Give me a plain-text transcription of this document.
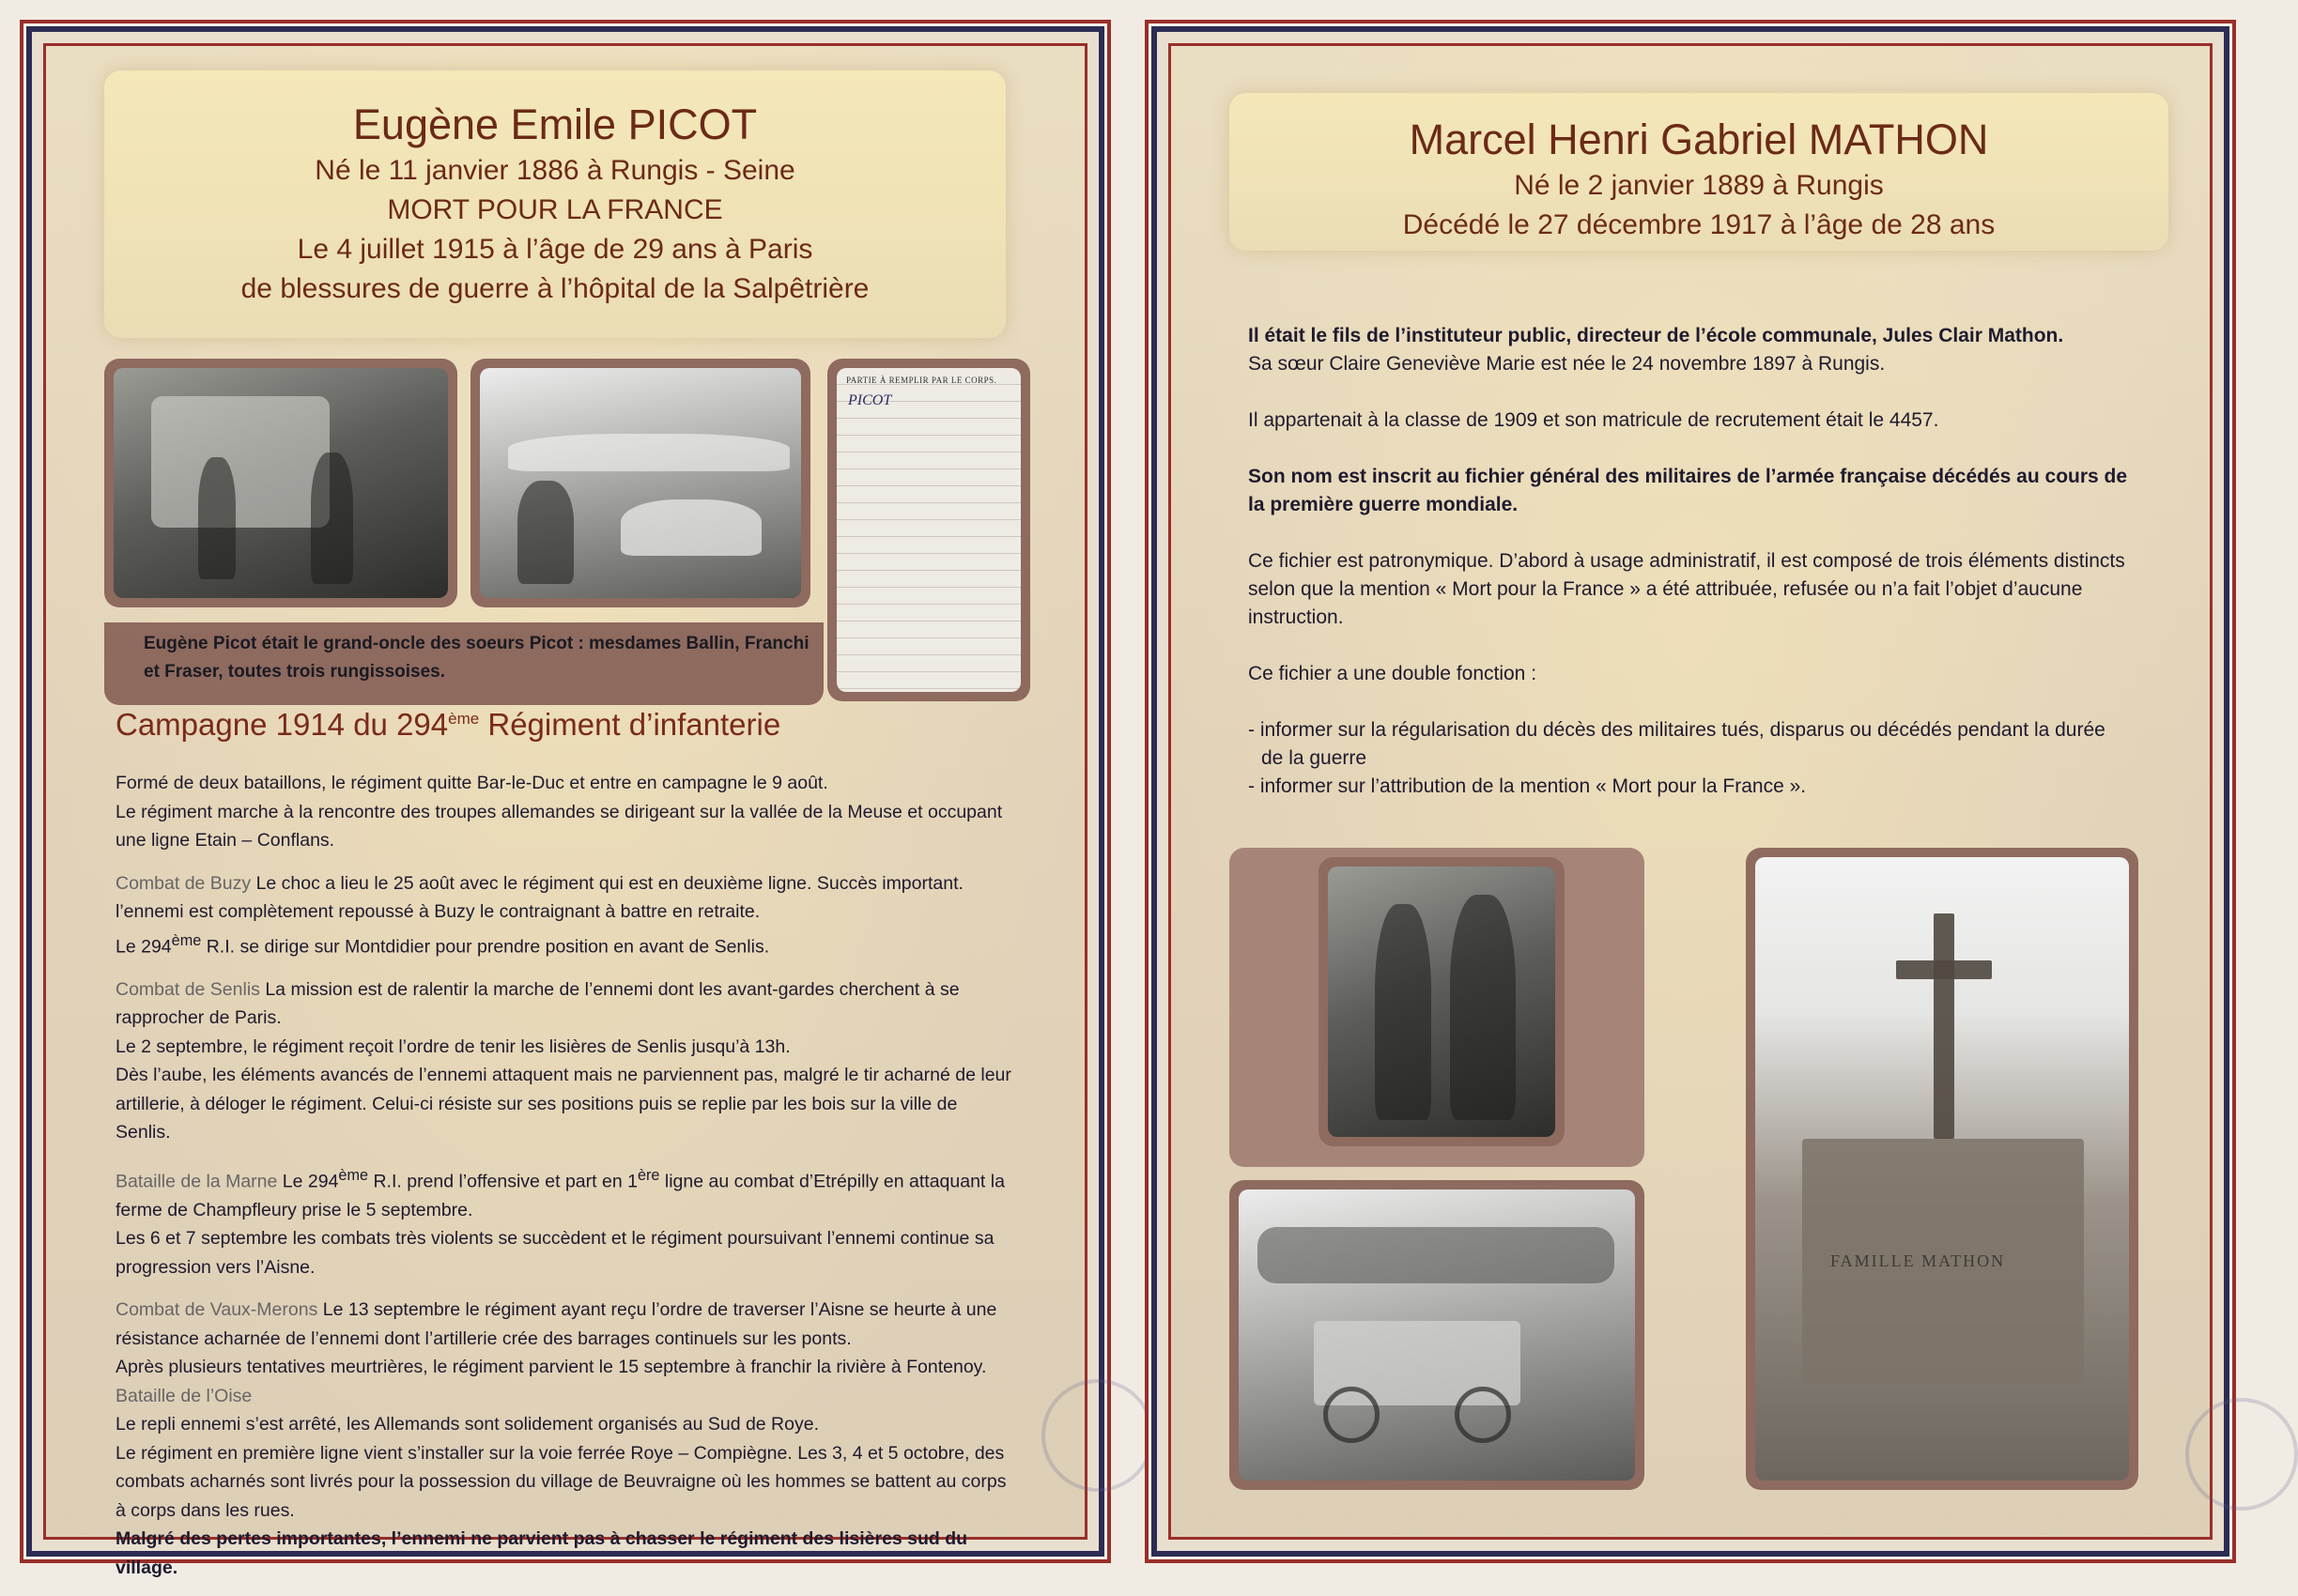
Eugène Emile PICOT
Né le 11 janvier 1886 à Rungis - Seine
MORT POUR LA FRANCE
Le 4 juillet 1915 à l’âge de 29 ans à Paris
de blessures de guerre à l’hôpital de la Salpêtrière
PARTIE À REMPLIR PAR LE CORPS.
PICOT
Eugène Picot était le grand-oncle des soeurs Picot : mesdames Ballin, Franchi et Fraser, toutes trois rungissoises.
Campagne 1914 du 294ème Régiment d’infanterie

Formé de deux bataillons, le régiment quitte Bar-le-Duc et entre en campagne le 9 août.
Le régiment marche à la rencontre des troupes allemandes se dirigeant sur la vallée de la Meuse et occupant une ligne Etain – Conflans.

Combat de Buzy Le choc a lieu le 25 août avec le régiment qui est en deuxième ligne. Succès important. l’ennemi est complètement repoussé à Buzy le contraignant à battre en retraite.
Le 294ème R.I. se dirige sur Montdidier pour prendre position en avant de Senlis.

Combat de Senlis La mission est de ralentir la marche de l’ennemi dont les avant-gardes cherchent à se rapprocher de Paris.
Le 2 septembre, le régiment reçoit l’ordre de tenir les lisières de Senlis jusqu’à 13h.
Dès l’aube, les éléments avancés de l’ennemi attaquent mais ne parviennent pas, malgré le tir acharné de leur artillerie, à déloger le régiment. Celui-ci résiste sur ses positions puis se replie par les bois sur la ville de Senlis.

Bataille de la Marne Le 294ème R.I. prend l’offensive et part en 1ère ligne au combat d’Etrépilly en attaquant la ferme de Champfleury prise le 5 septembre.
Les 6 et 7 septembre les combats très violents se succèdent et le régiment poursuivant l’ennemi continue sa progression vers l’Aisne.

Combat de Vaux-Merons Le 13 septembre le régiment ayant reçu l’ordre de traverser l’Aisne se heurte à une résistance acharnée de l’ennemi dont l’artillerie crée des barrages continuels sur les ponts.
Après plusieurs tentatives meurtrières, le régiment parvient le 15 septembre à franchir la rivière à Fontenoy.

Bataille de l’Oise
Le repli ennemi s’est arrêté, les Allemands sont solidement organisés au Sud de Roye.
Le régiment en première ligne vient s’installer sur la voie ferrée Roye – Compiègne. Les 3, 4 et 5 octobre, des combats acharnés sont livrés pour la possession du village de Beuvraigne où les hommes se battent au corps à corps dans les rues.
Malgré des pertes importantes, l’ennemi ne parvient pas à chasser le régiment des lisières sud du village.

Marcel Henri Gabriel MATHON
Né le 2 janvier 1889 à Rungis
Décédé le 27 décembre 1917 à l’âge de 28 ans

Il était le fils de l’instituteur public, directeur de l’école communale, Jules Clair Mathon.
Sa sœur Claire Geneviève Marie est née le 24 novembre 1897 à Rungis.

Il appartenait à la classe de 1909 et son matricule de recrutement était le 4457.

Son nom est inscrit au fichier général des militaires de l’armée française décédés au cours de la première guerre mondiale.

Ce fichier est patronymique. D’abord à usage administratif, il est composé de trois éléments distincts selon que la mention « Mort pour la France » a été attribuée, refusée ou n’a fait l’objet d’aucune instruction.

Ce fichier a une double fonction :

- informer sur la régularisation du décès des militaires tués, disparus ou décédés pendant la durée
de la guerre
- informer sur l’attribution de la mention « Mort pour la France ».

FAMILLE MATHON
